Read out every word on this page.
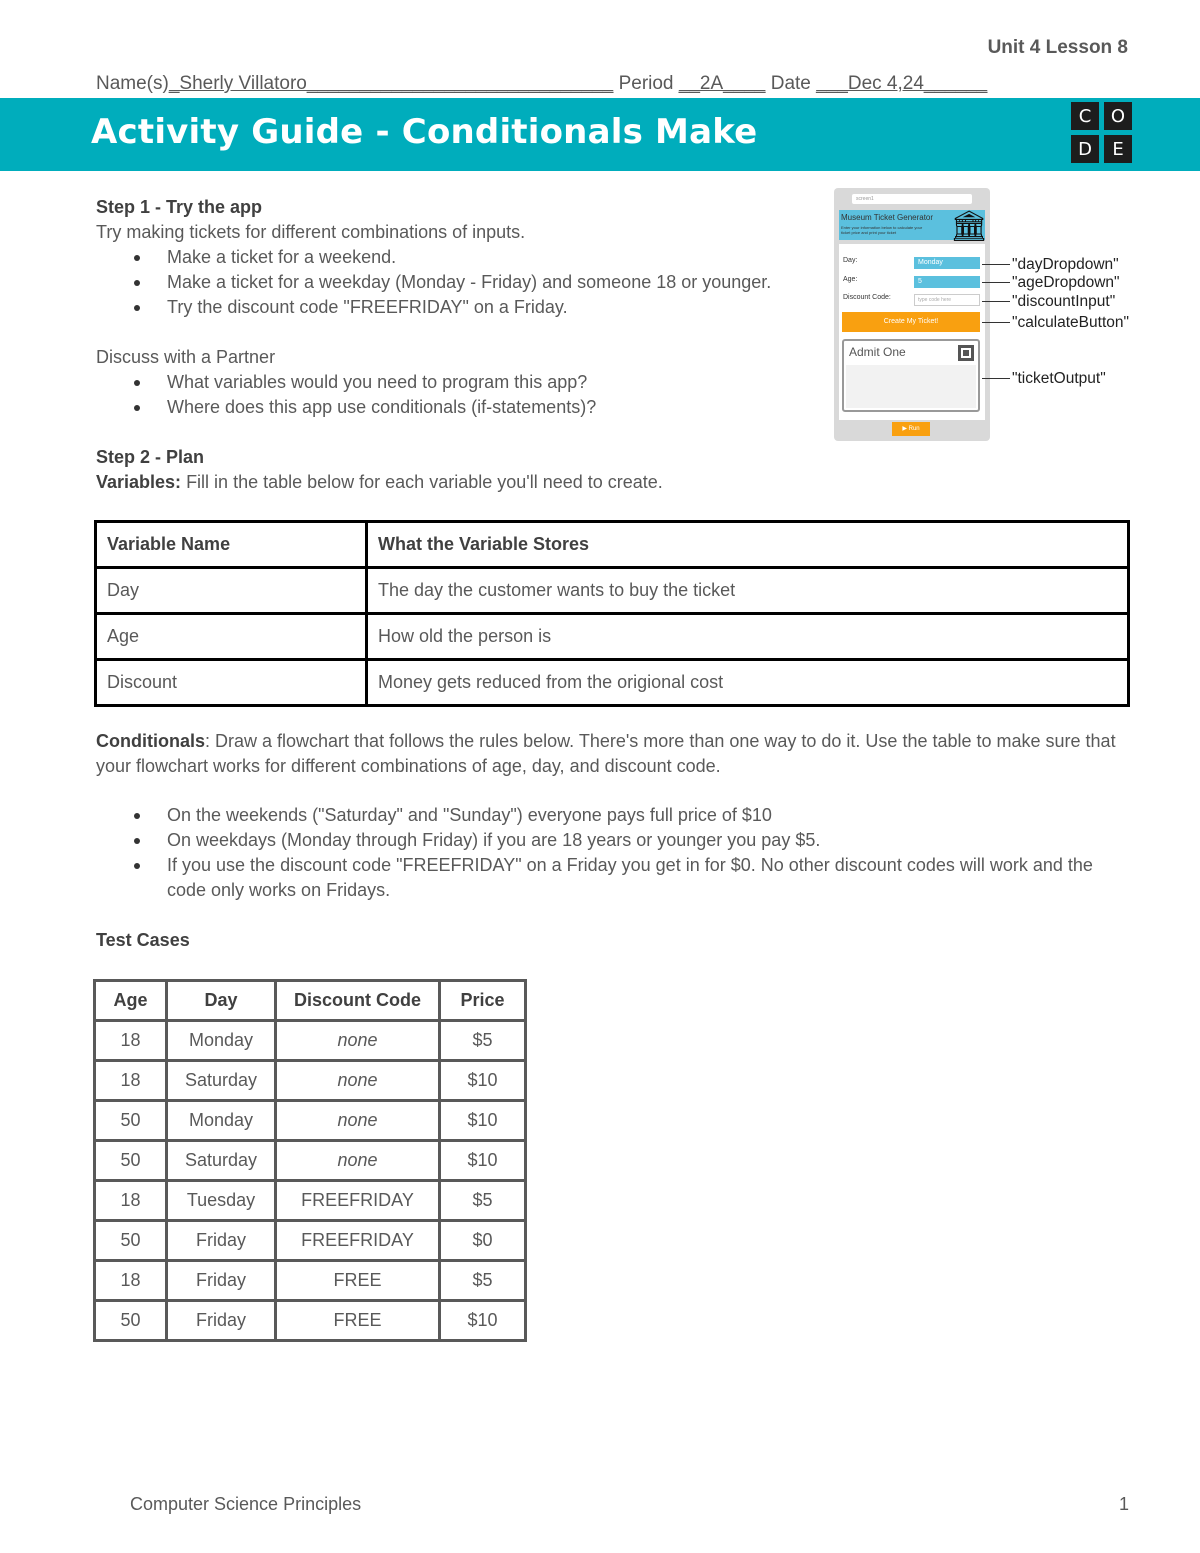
Unit 4 Lesson 8
Name(s)_Sherly Villatoro_____________________________ Period __2A____ Date ___Dec 4,24______
Activity Guide - Conditionals Make	C	O
D	E
Step 1 - Try the app
Try making tickets for different combinations of inputs.
Make a ticket for a weekend.
Make a ticket for a weekday (Monday - Friday) and someone 18 or younger.
Try the discount code "FREEFRIDAY" on a Friday.
Discuss with a Partner
What variables would you need to program this app?
Where does this app use conditionals (if-statements)?
Step 2 - Plan
Variables: Fill in the table below for each variable you'll need to create.
screen1
Museum Ticket Generator
Enter your information below to calculate your ticket price and print your ticket	🏛
Day:	Monday
Age:	5
Discount Code:	type code here
Create My Ticket!
Admit One
▶ Run
"dayDropdown"
"ageDropdown"
"discountInput"
"calculateButton"
"ticketOutput"
Variable Name	What the Variable Stores
Day	The day the customer wants to buy the ticket
Age	How old the person is
Discount	Money gets reduced from the origional cost
Conditionals: Draw a flowchart that follows the rules below. There's more than one way to do it. Use the table to make sure that your flowchart works for different combinations of age, day, and discount code.
On the weekends ("Saturday" and "Sunday") everyone pays full price of $10
On weekdays (Monday through Friday) if you are 18 years or younger you pay $5.
If you use the discount code "FREEFRIDAY" on a Friday you get in for $0. No other discount codes will work and the code only works on Fridays.
Test Cases
Age	Day	Discount Code	Price
18	Monday	none	$5
18	Saturday	none	$10
50	Monday	none	$10
50	Saturday	none	$10
18	Tuesday	FREEFRIDAY	$5
50	Friday	FREEFRIDAY	$0
18	Friday	FREE	$5
50	Friday	FREE	$10
Computer Science Principles	1
